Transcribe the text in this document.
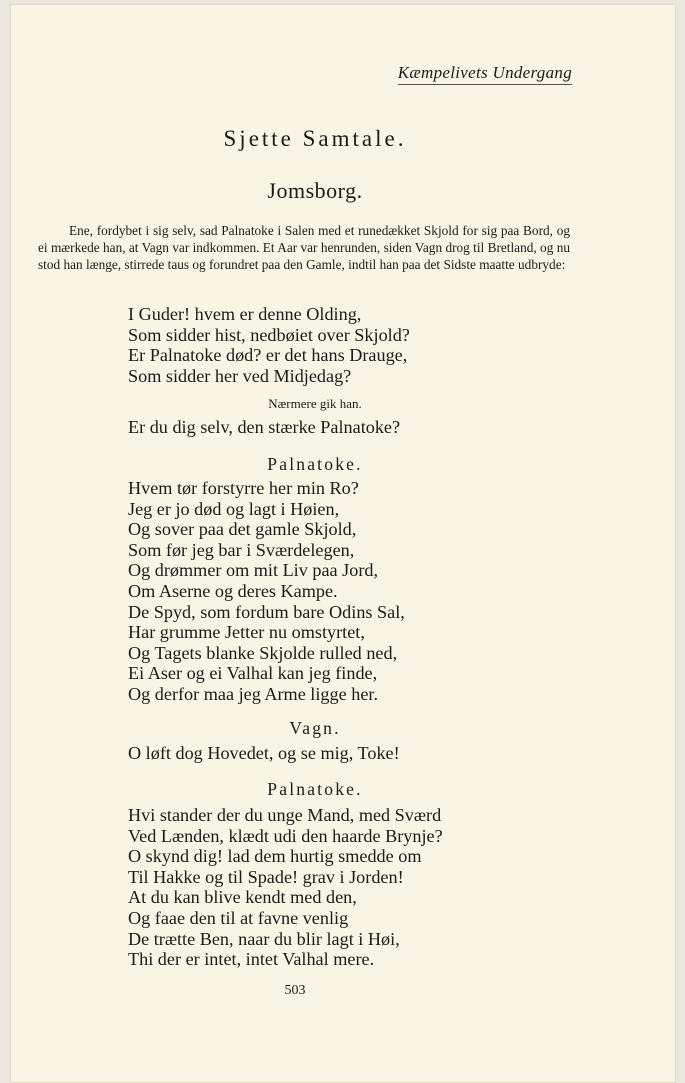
Kæmpelivets Undergang
Sjette Samtale.
Jomsborg.
Ene, fordybet i sig selv, sad Palnatoke i Salen med et runedækket Skjold for sig paa Bord, og ei mærkede han, at Vagn var indkommen. Et Aar var henrunden, siden Vagn drog til Bretland, og nu stod han længe, stirrede taus og forundret paa den Gamle, indtil han paa det Sidste maatte udbryde:
I Guder! hvem er denne Olding,
Som sidder hist, nedbøiet over Skjold?
Er Palnatoke død? er det hans Drauge,
Som sidder her ved Midjedag?
Nærmere gik han.
Er du dig selv, den stærke Palnatoke?
Palnatoke.
Hvem tør forstyrre her min Ro?
Jeg er jo død og lagt i Høien,
Og sover paa det gamle Skjold,
Som før jeg bar i Sværdelegen,
Og drømmer om mit Liv paa Jord,
Om Aserne og deres Kampe.
De Spyd, som fordum bare Odins Sal,
Har grumme Jetter nu omstyrtet,
Og Tagets blanke Skjolde rulled ned,
Ei Aser og ei Valhal kan jeg finde,
Og derfor maa jeg Arme ligge her.
Vagn.
O løft dog Hovedet, og se mig, Toke!
Palnatoke.
Hvi stander der du unge Mand, med Sværd
Ved Lænden, klædt udi den haarde Brynje?
O skynd dig! lad dem hurtig smedde om
Til Hakke og til Spade! grav i Jorden!
At du kan blive kendt med den,
Og faae den til at favne venlig
De trætte Ben, naar du blir lagt i Høi,
Thi der er intet, intet Valhal mere.
503
